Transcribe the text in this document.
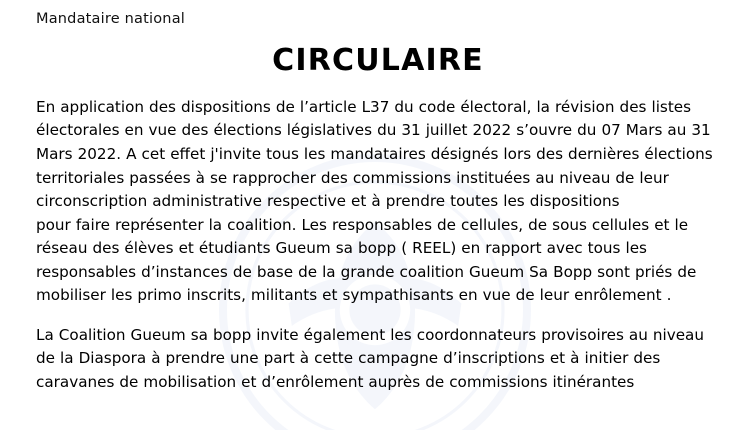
Mandataire national
CIRCULAIRE

En application des dispositions de l’article L37 du code électoral, la révision des listes électorales en vue des élections législatives du 31 juillet 2022 s’ouvre du 07 Mars au 31 Mars 2022. A cet effet j'invite tous les mandataires désignés lors des dernières élections territoriales passées à se rapprocher des commissions instituées au niveau de leur circonscription administrative respective et à prendre toutes les dispositions

pour faire représenter la coalition. Les responsables de cellules, de sous cellules et le réseau des élèves et étudiants Gueum sa bopp ( REEL) en rapport avec tous les responsables d’instances de base de la grande coalition Gueum Sa Bopp sont priés de mobiliser les primo inscrits, militants et sympathisants en vue de leur enrôlement .

La Coalition Gueum sa bopp invite également les coordonnateurs provisoires au niveau de la Diaspora à prendre une part à cette campagne d’inscriptions et à initier des caravanes de mobilisation et d’enrôlement auprès de commissions itinérantes
